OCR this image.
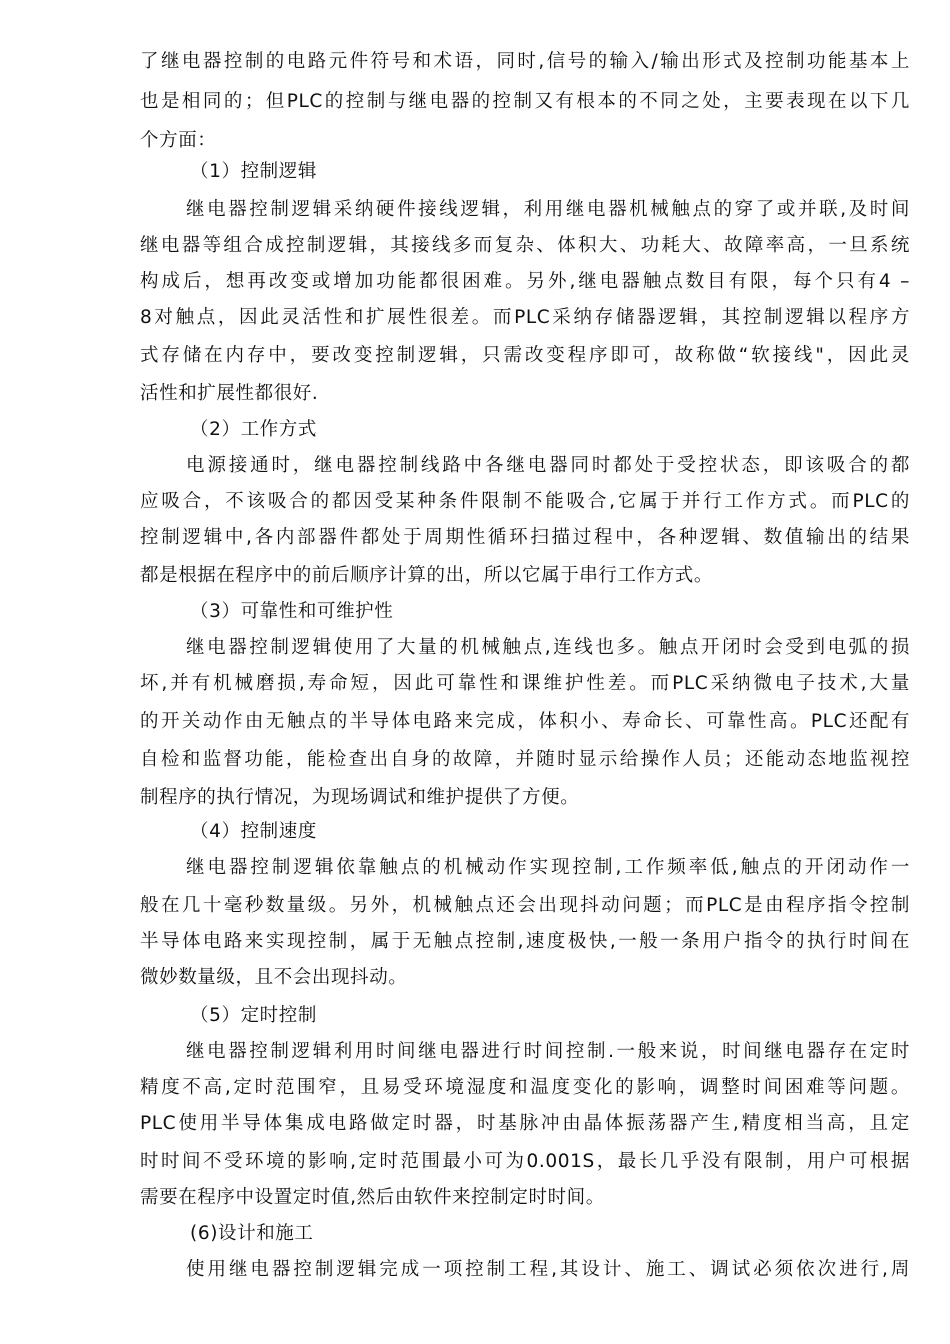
了继电器控制的电路元件符号和术语，同时,信号的输入/输出形式及控制功能基本上
也是相同的；但PLC的控制与继电器的控制又有根本的不同之处，主要表现在以下几
个方面：
（1）控制逻辑
继电器控制逻辑采纳硬件接线逻辑，利用继电器机械触点的穿了或并联,及时间
继电器等组合成控制逻辑，其接线多而复杂、体积大、功耗大、故障率高，一旦系统
构成后，想再改变或增加功能都很困难。另外,继电器触点数目有限，每个只有4 –
8对触点，因此灵活性和扩展性很差。而PLC采纳存储器逻辑，其控制逻辑以程序方
式存储在内存中，要改变控制逻辑，只需改变程序即可，故称做“软接线"，因此灵
活性和扩展性都很好.
（2）工作方式
电源接通时，继电器控制线路中各继电器同时都处于受控状态，即该吸合的都
应吸合，不该吸合的都因受某种条件限制不能吸合,它属于并行工作方式。而PLC的
控制逻辑中,各内部器件都处于周期性循环扫描过程中，各种逻辑、数值输出的结果
都是根据在程序中的前后顺序计算的出，所以它属于串行工作方式。
（3）可靠性和可维护性
继电器控制逻辑使用了大量的机械触点,连线也多。触点开闭时会受到电弧的损
坏,并有机械磨损,寿命短，因此可靠性和课维护性差。而PLC采纳微电子技术,大量
的开关动作由无触点的半导体电路来完成，体积小、寿命长、可靠性高。PLC还配有
自检和监督功能，能检查出自身的故障，并随时显示给操作人员；还能动态地监视控
制程序的执行情况，为现场调试和维护提供了方便。
（4）控制速度
继电器控制逻辑依靠触点的机械动作实现控制,工作频率低,触点的开闭动作一
般在几十毫秒数量级。另外，机械触点还会出现抖动问题；而PLC是由程序指令控制
半导体电路来实现控制，属于无触点控制,速度极快,一般一条用户指令的执行时间在
微妙数量级，且不会出现抖动。
（5）定时控制
继电器控制逻辑利用时间继电器进行时间控制.一般来说，时间继电器存在定时
精度不高,定时范围窄，且易受环境湿度和温度变化的影响，调整时间困难等问题。
PLC使用半导体集成电路做定时器，时基脉冲由晶体振荡器产生,精度相当高，且定
时时间不受环境的影响,定时范围最小可为0.001S，最长几乎没有限制，用户可根据
需要在程序中设置定时值,然后由软件来控制定时时间。
(6)设计和施工
使用继电器控制逻辑完成一项控制工程,其设计、施工、调试必须依次进行,周
